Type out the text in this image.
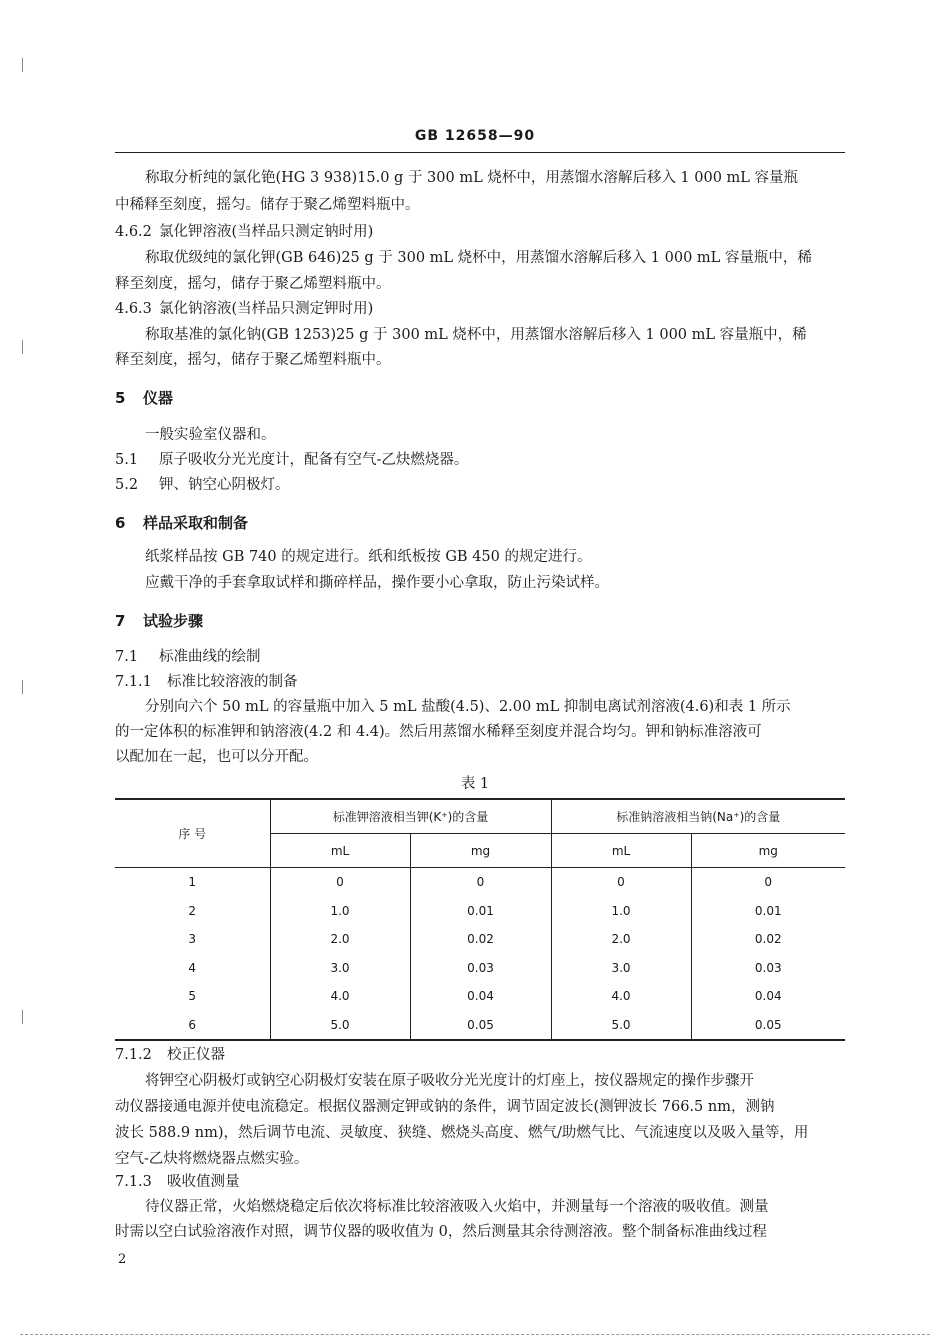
GB 12658—90
称取分析纯的氯化铯(HG 3 938)15.0 g 于 300 mL 烧杯中，用蒸馏水溶解后移入 1 000 mL 容量瓶
中稀释至刻度，摇匀。储存于聚乙烯塑料瓶中。
4.6.2 氯化钾溶液(当样品只测定钠时用)
称取优级纯的氯化钾(GB 646)25 g 于 300 mL 烧杯中，用蒸馏水溶解后移入 1 000 mL 容量瓶中，稀
释至刻度，摇匀，储存于聚乙烯塑料瓶中。
4.6.3 氯化钠溶液(当样品只测定钾时用)
称取基准的氯化钠(GB 1253)25 g 于 300 mL 烧杯中，用蒸馏水溶解后移入 1 000 mL 容量瓶中，稀
释至刻度，摇匀，储存于聚乙烯塑料瓶中。
5 仪器
一般实验室仪器和。
5.1 原子吸收分光光度计，配备有空气-乙炔燃烧器。
5.2 钾、钠空心阴极灯。
6 样品采取和制备
纸浆样品按 GB 740 的规定进行。纸和纸板按 GB 450 的规定进行。
应戴干净的手套拿取试样和撕碎样品，操作要小心拿取，防止污染试样。
7 试验步骤
7.1 标准曲线的绘制
7.1.1 标准比较溶液的制备
分别向六个 50 mL 的容量瓶中加入 5 mL 盐酸(4.5)、2.00 mL 抑制电离试剂溶液(4.6)和表 1 所示
的一定体积的标准钾和钠溶液(4.2 和 4.4)。然后用蒸馏水稀释至刻度并混合均匀。钾和钠标准溶液可
以配加在一起，也可以分开配。
表 1
序 号	标准钾溶液相当钾(K⁺)的含量		标准钠溶液相当钠(Na⁺)的含量	
	mL	mg	mL	mg
1	0	0	0	0
2	1.0	0.01	1.0	0.01
3	2.0	0.02	2.0	0.02
4	3.0	0.03	3.0	0.03
5	4.0	0.04	4.0	0.04
6	5.0	0.05	5.0	0.05
7.1.2 校正仪器
将钾空心阴极灯或钠空心阴极灯安装在原子吸收分光光度计的灯座上，按仪器规定的操作步骤开
动仪器接通电源并使电流稳定。根据仪器测定钾或钠的条件，调节固定波长(测钾波长 766.5 nm，测钠
波长 588.9 nm)，然后调节电流、灵敏度、狭缝、燃烧头高度、燃气/助燃气比、气流速度以及吸入量等，用
空气-乙炔将燃烧器点燃实验。
7.1.3 吸收值测量
待仪器正常，火焰燃烧稳定后依次将标准比较溶液吸入火焰中，并测量每一个溶液的吸收值。测量
时需以空白试验溶液作对照，调节仪器的吸收值为 0，然后测量其余待测溶液。整个制备标准曲线过程
2
